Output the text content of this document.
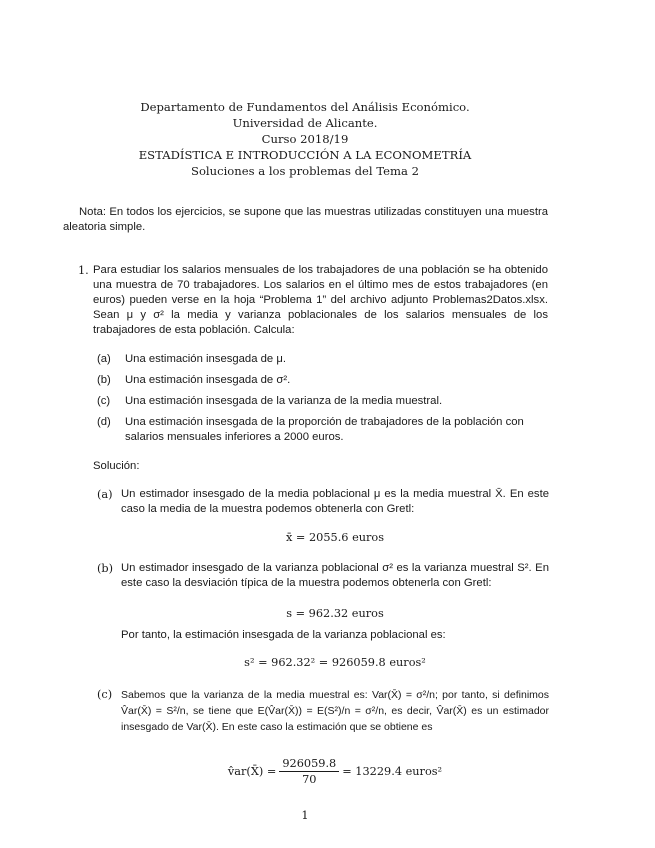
Departamento de Fundamentos del Análisis Económico.
Universidad de Alicante.
Curso 2018/19
ESTADÍSTICA E INTRODUCCIÓN A LA ECONOMETRÍA
Soluciones a los problemas del Tema 2
Nota: En todos los ejercicios, se supone que las muestras utilizadas constituyen una muestra aleatoria simple.
1. Para estudiar los salarios mensuales de los trabajadores de una población se ha obtenido una muestra de 70 trabajadores. Los salarios en el último mes de estos trabajadores (en euros) pueden verse en la hoja “Problema 1” del archivo adjunto Problemas2Datos.xlsx. Sean μ y σ² la media y varianza poblacionales de los salarios mensuales de los trabajadores de esta población. Calcula:
(a)	Una estimación insesgada de μ.
(b)	Una estimación insesgada de σ².
(c)	Una estimación insesgada de la varianza de la media muestral.
(d)	Una estimación insesgada de la proporción de trabajadores de la población con salarios mensuales inferiores a 2000 euros.
Solución:
(a) Un estimador insesgado de la media poblacional μ es la media muestral X̄. En este caso la media de la muestra podemos obtenerla con Gretl:
x̄ = 2055.6 euros
(b) Un estimador insesgado de la varianza poblacional σ² es la varianza muestral S². En este caso la desviación típica de la muestra podemos obtenerla con Gretl:
s = 962.32 euros
Por tanto, la estimación insesgada de la varianza poblacional es:
s² = 962.32² = 926059.8 euros²
(c) Sabemos que la varianza de la media muestral es: Var(X̄) = σ²/n; por tanto, si definimos V̂ar(X̄) = S²/n, se tiene que E(V̂ar(X̄)) = E(S²)/n = σ²/n, es decir, V̂ar(X̄) es un estimador insesgado de Var(X̄). En este caso la estimación que se obtiene es
v̂ar(X̄) = $\frac{926059.8}{70} = 13229.4$ euros²
1
